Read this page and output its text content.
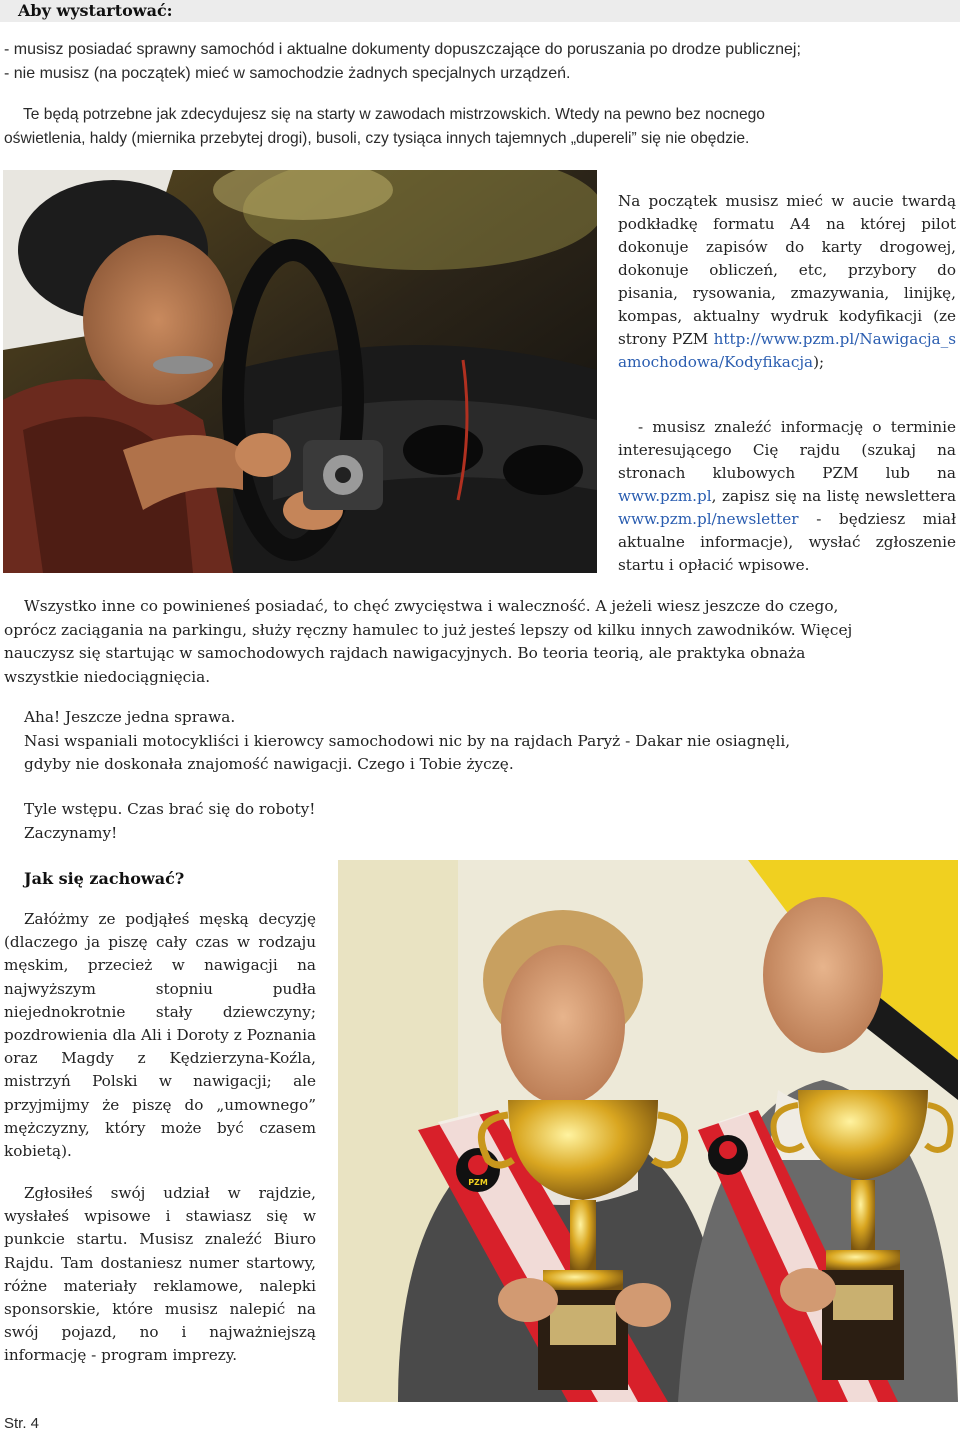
Aby wystartować:
- musisz posiadać sprawny samochód i aktualne dokumenty dopuszczające do poruszania po drodze publicznej;
- nie musisz (na początek) mieć w samochodzie żadnych specjalnych urządzeń.
Te będą potrzebne jak zdecydujesz się na starty w zawodach mistrzowskich. Wtedy na pewno bez nocnego
oświetlenia, haldy (miernika przebytej drogi), busoli, czy tysiąca innych tajemnych „dupereli” się nie obędzie.
Na początek musisz mieć w aucie twardą podkładkę formatu A4 na której pilot dokonuje zapisów do karty drogowej, dokonuje obliczeń, etc, przybory do pisania, rysowania, zmazywania, linijkę, kompas, aktualny wydruk kodyfikacji (ze strony PZM http://www.pzm.pl/Nawigacja_samochodowa/Kodyfikacja);
- musisz znaleźć informację o terminie interesującego Cię rajdu (szukaj na stronach klubowych PZM lub na www.pzm.pl, zapisz się na listę newslettera www.pzm.pl/newsletter - będziesz miał aktualne informacje), wysłać zgłoszenie startu i opłacić wpisowe.
Wszystko inne co powinieneś posiadać, to chęć zwycięstwa i waleczność. A jeżeli wiesz jeszcze do czego,
oprócz zaciągania na parkingu, służy ręczny hamulec to już jesteś lepszy od kilku innych zawodników. Więcej
nauczysz się startując w samochodowych rajdach nawigacyjnych. Bo teoria teorią, ale praktyka obnaża
wszystkie niedociągnięcia.
Aha! Jeszcze jedna sprawa.
Nasi wspaniali motocykliści i kierowcy samochodowi nic by na rajdach Paryż - Dakar nie osiagnęli,
gdyby nie doskonała znajomość nawigacji. Czego i Tobie życzę.
Tyle wstępu. Czas brać się do roboty!
Zaczynamy!
Jak się zachować?
Załóżmy ze podjąłeś męską decyzję (dlaczego ja piszę cały czas w rodzaju męskim, przecież w nawigacji na najwyższym stopniu pudła niejednokrotnie stały dziewczyny; pozdrowienia dla Ali i Doroty z Poznania oraz Magdy z Kędzierzyna-Koźla, mistrzyń Polski w nawigacji; ale przyjmijmy że piszę do „umownego” mężczyzny, który może być czasem kobietą).
Zgłosiłeś swój udział w rajdzie, wysłałeś wpisowe i stawiasz się w punkcie startu. Musisz znaleźć Biuro Rajdu. Tam dostaniesz numer startowy, różne materiały reklamowe, nalepki sponsorskie, które musisz nalepić na swój pojazd, no i najważniejszą informację - program imprezy.
PZM
Str. 4
